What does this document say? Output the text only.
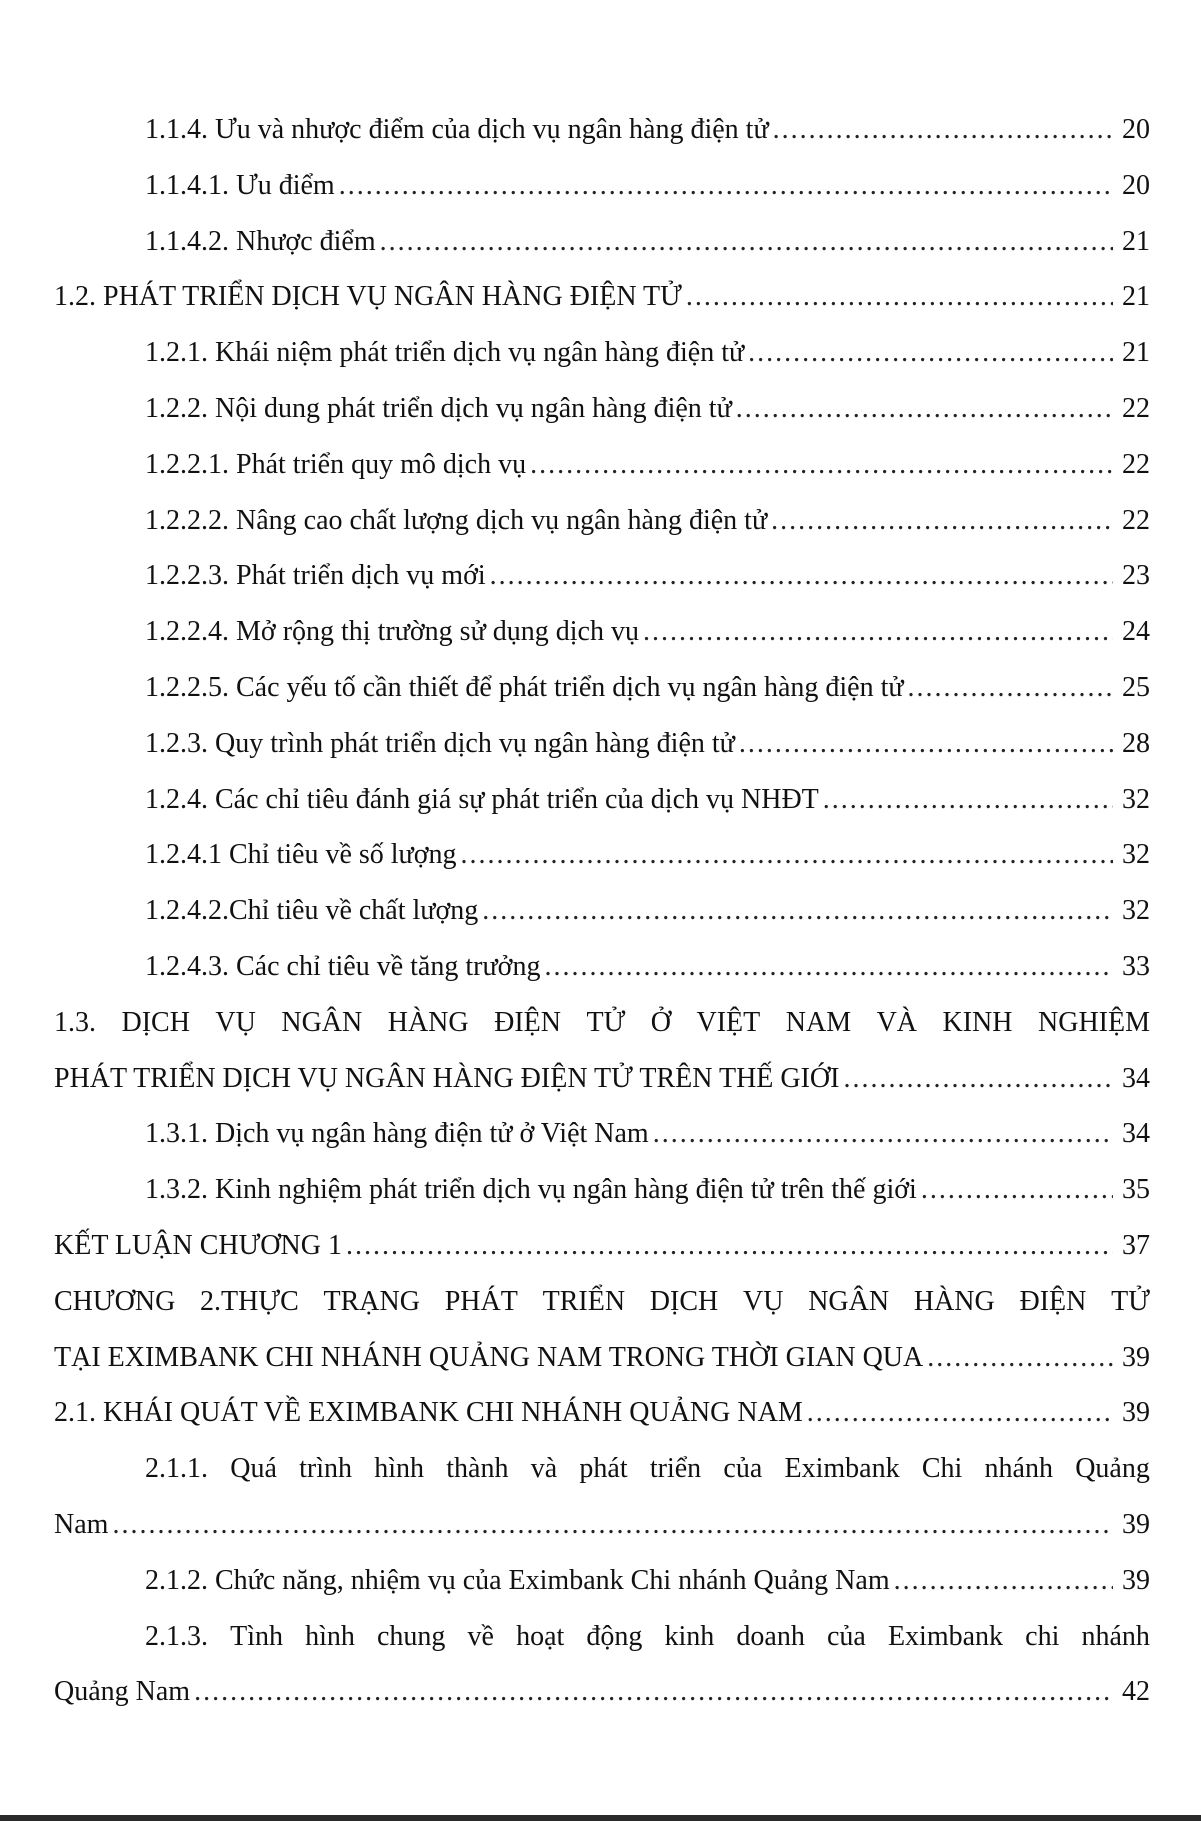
1.1.4. Ưu và nhược điểm của dịch vụ ngân hàng điện tử .....	20
1.1.4.1. Ưu điểm .....	20
1.1.4.2. Nhược điểm .....	21
1.2. PHÁT TRIỂN DỊCH VỤ NGÂN HÀNG ĐIỆN TỬ .....	21
1.2.1. Khái niệm phát triển dịch vụ ngân hàng điện tử .....	21
1.2.2. Nội dung phát triển dịch vụ ngân hàng điện tử .....	22
1.2.2.1. Phát triển quy mô dịch vụ .....	22
1.2.2.2. Nâng cao chất lượng dịch vụ ngân hàng điện tử .....	22
1.2.2.3. Phát triển dịch vụ mới .....	23
1.2.2.4. Mở rộng thị trường sử dụng dịch vụ .....	24
1.2.2.5. Các yếu tố cần thiết để phát triển dịch vụ ngân hàng điện tử .....	25
1.2.3. Quy trình phát triển dịch vụ ngân hàng điện tử .....	28
1.2.4. Các chỉ tiêu đánh giá sự phát triển của dịch vụ NHĐT .....	32
1.2.4.1 Chỉ tiêu về số lượng .....	32
1.2.4.2.Chỉ tiêu về chất lượng .....	32
1.2.4.3. Các chỉ tiêu về tăng trưởng .....	33
1.3. DỊCH VỤ NGÂN HÀNG ĐIỆN TỬ Ở VIỆT NAM VÀ KINH NGHIỆM
PHÁT TRIỂN DỊCH VỤ NGÂN HÀNG ĐIỆN TỬ TRÊN THẾ GIỚI .....	34
1.3.1. Dịch vụ ngân hàng điện tử ở Việt Nam .....	34
1.3.2. Kinh nghiệm phát triển dịch vụ ngân hàng điện tử trên thế giới .....	35
KẾT LUẬN CHƯƠNG 1 .....	37
CHƯƠNG 2.THỰC TRẠNG PHÁT TRIỂN DỊCH VỤ NGÂN HÀNG ĐIỆN TỬ
TẠI EXIMBANK CHI NHÁNH QUẢNG NAM TRONG THỜI GIAN QUA .....	39
2.1. KHÁI QUÁT VỀ EXIMBANK CHI NHÁNH QUẢNG NAM .....	39
2.1.1. Quá trình hình thành và phát triển của Eximbank Chi nhánh Quảng
Nam .....	39
2.1.2. Chức năng, nhiệm vụ của Eximbank Chi nhánh Quảng Nam .....	39
2.1.3. Tình hình chung về hoạt động kinh doanh của Eximbank chi nhánh
Quảng Nam .....	42
